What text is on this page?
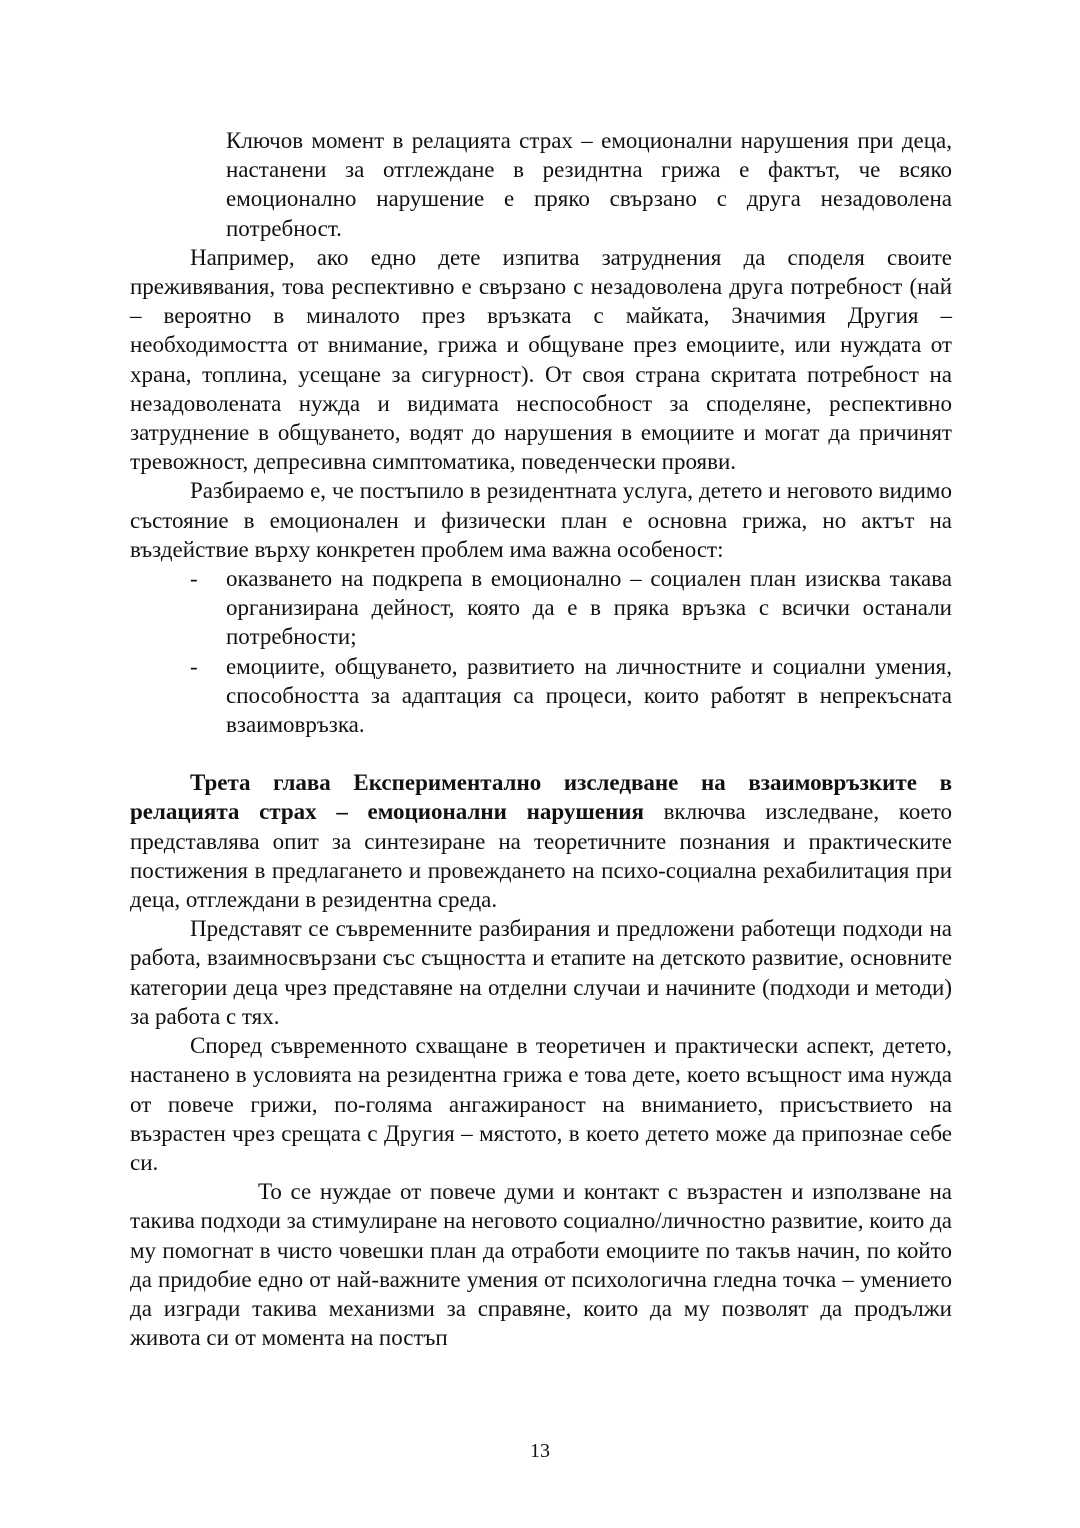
Ключов момент в релацията страх – емоционални нарушения при деца, настанени за отглеждане в резиднтна грижа е фактът, че всяко емоционално нарушение е пряко свързано с друга незадоволена потребност.

Например, ако едно дете изпитва затруднения да споделя своите преживявания, това респективно е свързано с незадоволена друга потребност (най – вероятно в миналото през връзката с майката, Значимия Другия – необходимостта от внимание, грижа и общуване през емоциите, или нуждата от храна, топлина, усещане за сигурност). От своя страна скритата потребност на незадоволената нужда и видимата неспособност за споделяне, респективно затруднение в общуването, водят до нарушения в емоциите и могат да причинят тревожност, депресивна симптоматика, поведенчески прояви.

Разбираемо е, че постъпило в резидентната услуга, детето и неговото видимо състояние в емоционален и физически план е основна грижа, но актът на въздействие върху конкретен проблем има важна особеност:

- оказването на подкрепа в емоционално – социален план изисква такава организирана дейност, която да е в пряка връзка с всички останали потребности;
- емоциите, общуването, развитието на личностните и социални умения, способността за адаптация са процеси, които работят в непрекъсната взаимовръзка.

Трета глава Експериментално изследване на взаимовръзките в релацията страх – емоционални нарушения включва изследване, което представлява опит за синтезиране на теоретичните познания и практическите постижения в предлагането и провеждането на психо-социална рехабилитация при деца, отглеждани в резидентна среда.

Представят се съвременните разбирания и предложени работещи подходи на работа, взаимносвързани със същността и етапите на детското развитие, основните категории деца чрез представяне на отделни случаи и начините (подходи и методи) за работа с тях.

Според съвременното схващане в теоретичен и практически аспект, детето, настанено в условията на резидентна грижа е това дете, което всъщност има нужда от повече грижи, по-голяма ангажираност на вниманието, присъствието на възрастен чрез срещата с Другия – мястото, в което детето може да припознае себе си.

То се нуждае от повече думи и контакт с възрастен и използване на такива подходи за стимулиране на неговото социално/личностно развитие, които да му помогнат в чисто човешки план да отработи емоциите по такъв начин, по който да придобие едно от най-важните умения от психологична гледна точка – умението да изгради такива механизми за справяне, които да му позволят да продължи живота си от момента на постъп

13
